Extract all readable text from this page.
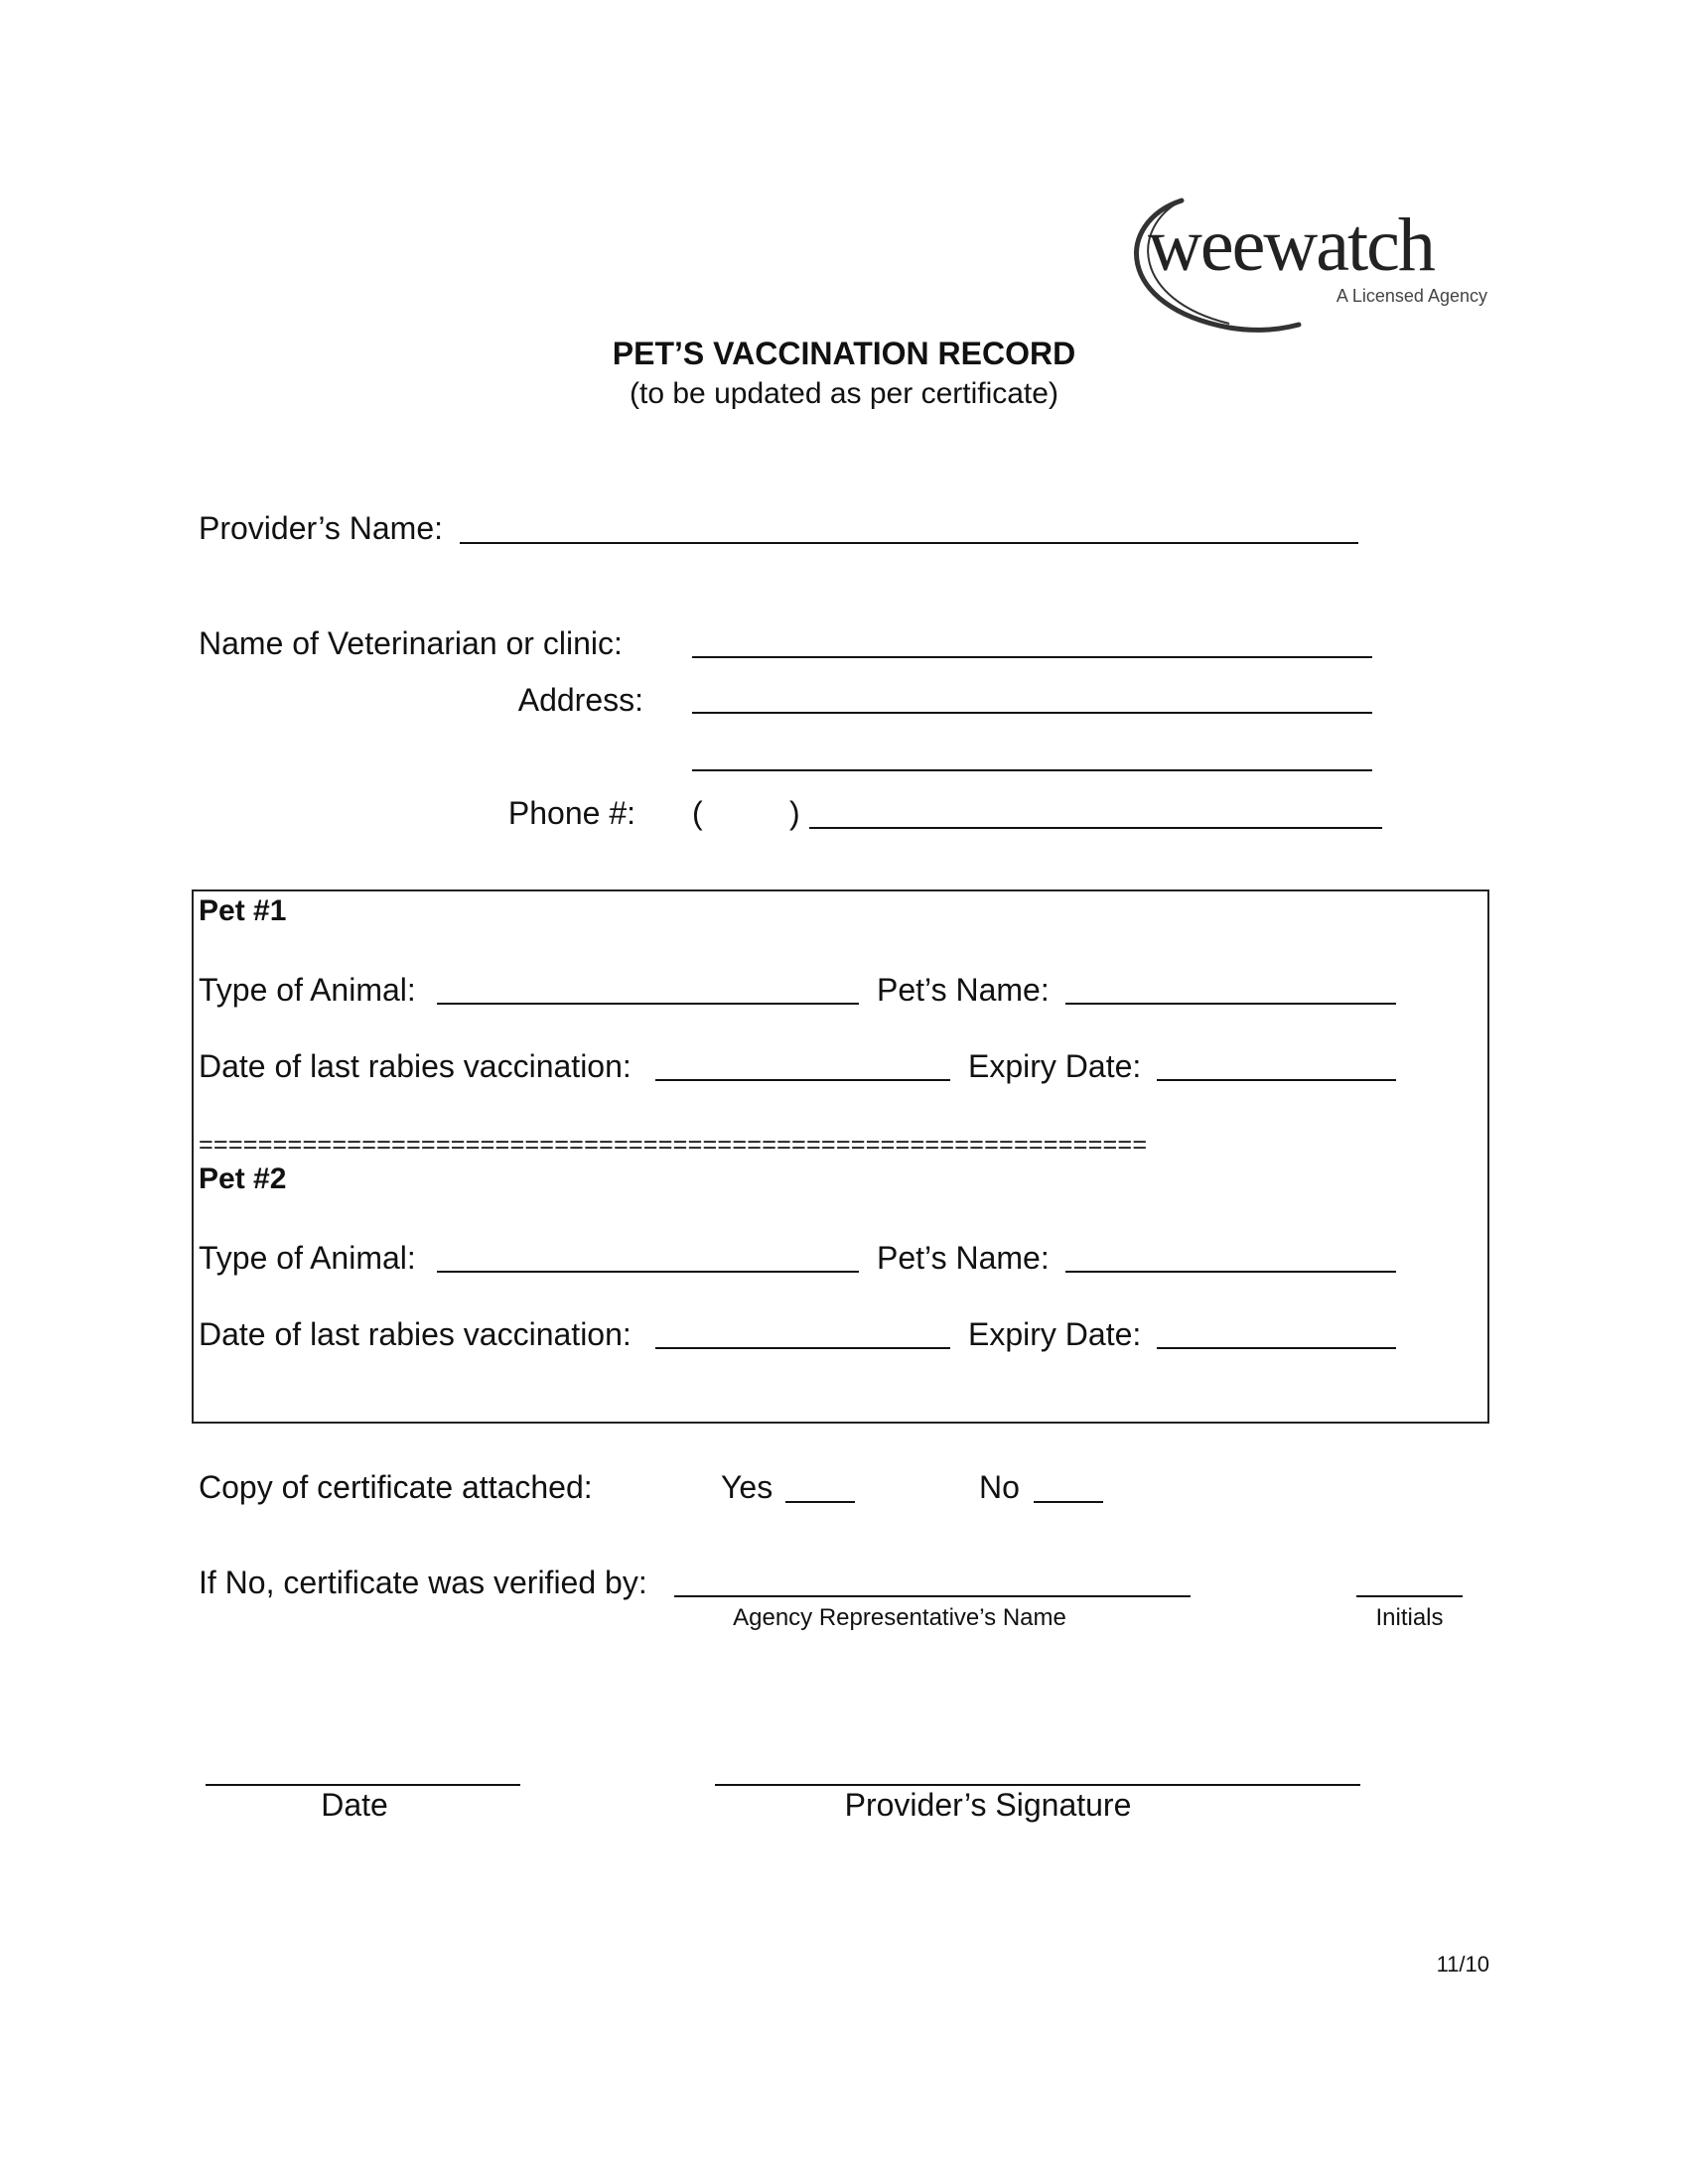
weewatch
A Licensed Agency
PET’S VACCINATION RECORD
(to be updated as per certificate)
Provider’s Name:
Name of Veterinarian or clinic:
Address:
Phone #: (	)
Pet #1
Type of Animal:	Pet’s Name:
Date of last rabies vaccination:	Expiry Date:
================================================================
Pet #2
Type of Animal:	Pet’s Name:
Date of last rabies vaccination:	Expiry Date:
Copy of certificate attached:	Yes	No
If No, certificate was verified by:
Agency Representative’s Name	Initials
Date	Provider’s Signature
11/10
